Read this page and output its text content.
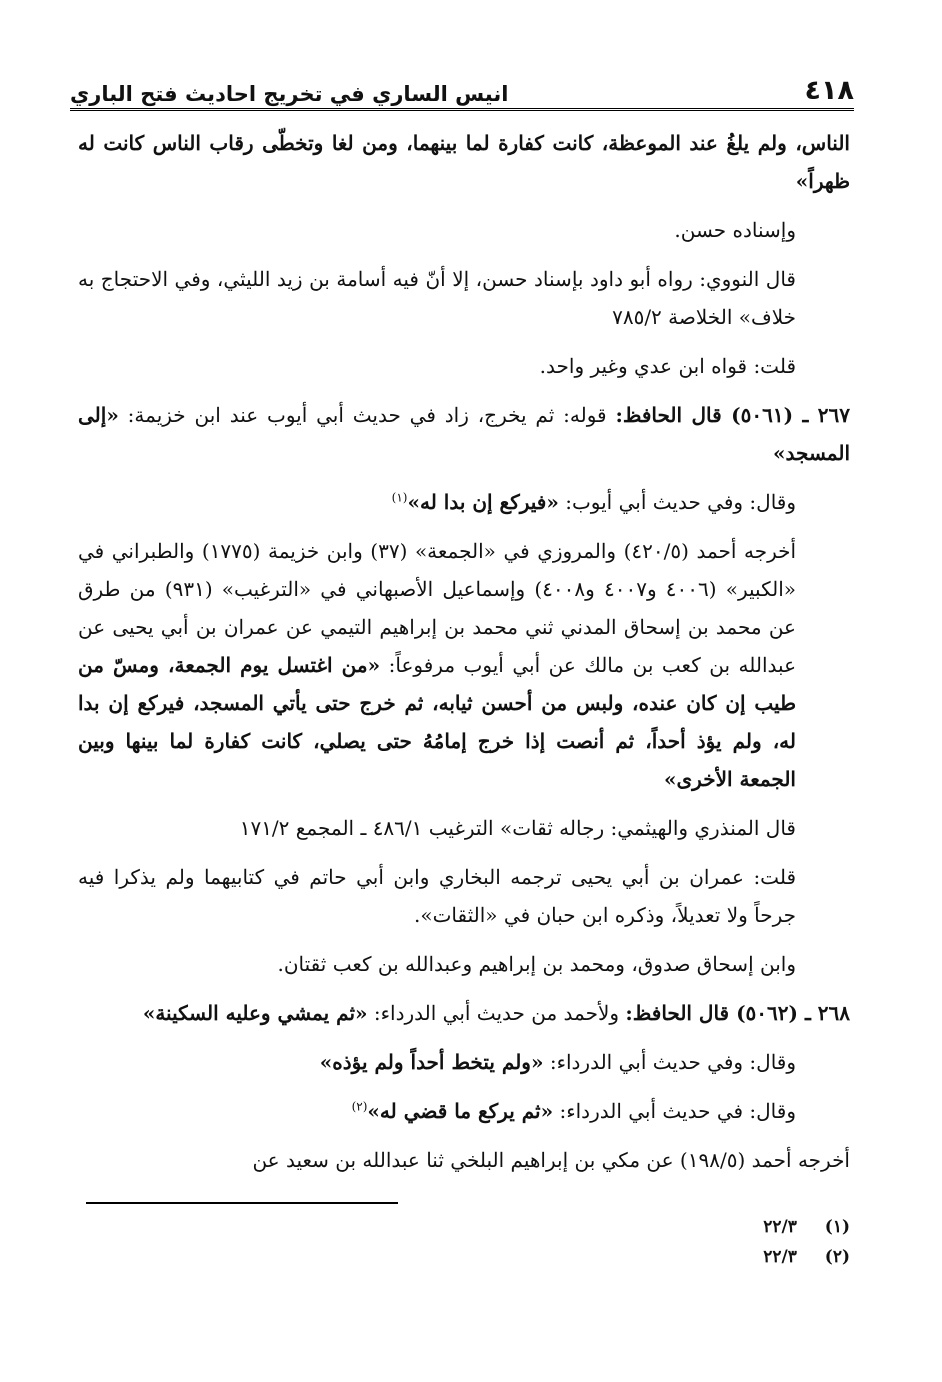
٤١٨
انيس الساري في تخريج احاديث فتح الباري

الناس، ولم يلغُ عند الموعظة، كانت كفارة لما بينهما، ومن لغا وتخطّى رقاب الناس كانت له ظهراً»

وإسناده حسن.

قال النووي: رواه أبو داود بإسناد حسن، إلا أنّ فيه أسامة بن زيد الليثي، وفي الاحتجاج به خلاف» الخلاصة ٧٨٥/٢

قلت: قواه ابن عدي وغير واحد.

٢٦٧ ـ (٥٠٦١) قال الحافظ: قوله: ثم يخرج، زاد في حديث أبي أيوب عند ابن خزيمة: «إلى المسجد»

وقال: وفي حديث أبي أيوب: «فيركع إن بدا له»$^{(١)}$

أخرجه أحمد (٤٢٠/٥) والمروزي في «الجمعة» (٣٧) وابن خزيمة (١٧٧٥) والطبراني في «الكبير» (٤٠٠٦ و٤٠٠٧ و٤٠٠٨) وإسماعيل الأصبهاني في «الترغيب» (٩٣١) من طرق عن محمد بن إسحاق المدني ثني محمد بن إبراهيم التيمي عن عمران بن أبي يحيى عن عبدالله بن كعب بن مالك عن أبي أيوب مرفوعاً: «من اغتسل يوم الجمعة، ومسّ من طيب إن كان عنده، ولبس من أحسن ثيابه، ثم خرج حتى يأتي المسجد، فيركع إن بدا له، ولم يؤذ أحداً، ثم أنصت إذا خرج إمامُهُ حتى يصلي، كانت كفارة لما بينها وبين الجمعة الأخرى»

قال المنذري والهيثمي: رجاله ثقات» الترغيب ٤٨٦/١ ـ المجمع ١٧١/٢

قلت: عمران بن أبي يحيى ترجمه البخاري وابن أبي حاتم في كتابيهما ولم يذكرا فيه جرحاً ولا تعديلاً، وذكره ابن حبان في «الثقات».

وابن إسحاق صدوق، ومحمد بن إبراهيم وعبدالله بن كعب ثقتان.

٢٦٨ ـ (٥٠٦٢) قال الحافظ: ولأحمد من حديث أبي الدرداء: «ثم يمشي وعليه السكينة»

وقال: وفي حديث أبي الدرداء: «ولم يتخط أحداً ولم يؤذه»

وقال: في حديث أبي الدرداء: «ثم يركع ما قضي له»$^{(٢)}$

أخرجه أحمد (١٩٨/٥) عن مكي بن إبراهيم البلخي ثنا عبدالله بن سعيد عن

(١) ٢٢/٣
(٢) ٢٢/٣
